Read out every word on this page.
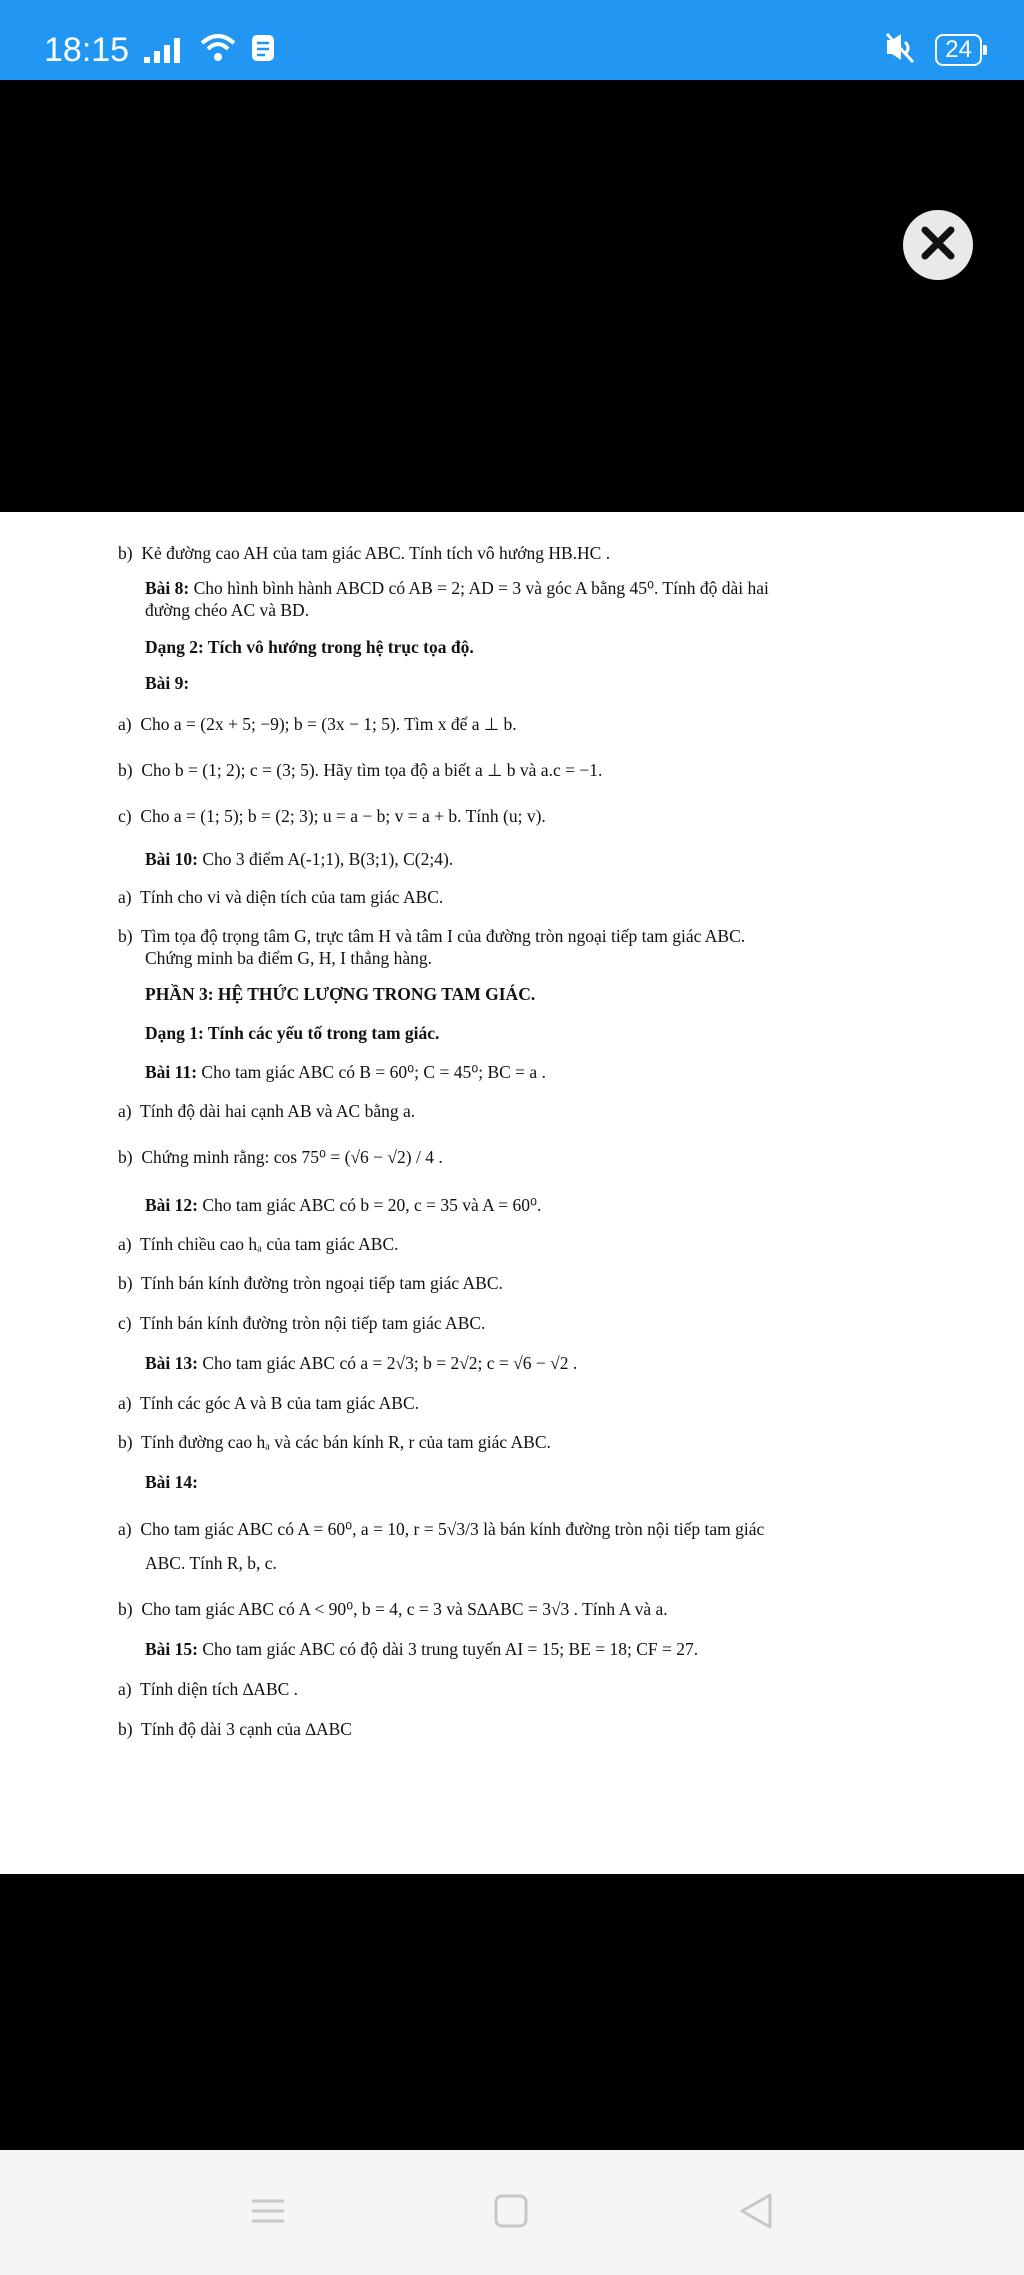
18:15	24
b) Kẻ đường cao AH của tam giác ABC. Tính tích vô hướng HB.HC .
Bài 8: Cho hình bình hành ABCD có AB = 2; AD = 3 và góc A bằng 45⁰. Tính độ dài hai
đường chéo AC và BD.
Dạng 2: Tích vô hướng trong hệ trục tọa độ.
Bài 9:
a) Cho a = (2x + 5; −9); b = (3x − 1; 5). Tìm x để a ⊥ b.
b) Cho b = (1; 2); c = (3; 5). Hãy tìm tọa độ a biết a ⊥ b và a.c = −1.
c) Cho a = (1; 5); b = (2; 3); u = a − b; v = a + b. Tính (u; v).
Bài 10: Cho 3 điểm A(-1;1), B(3;1), C(2;4).
a) Tính cho vi và diện tích của tam giác ABC.
b) Tìm tọa độ trọng tâm G, trực tâm H và tâm I của đường tròn ngoại tiếp tam giác ABC.
Chứng minh ba điểm G, H, I thẳng hàng.
PHẦN 3: HỆ THỨC LƯỢNG TRONG TAM GIÁC.
Dạng 1: Tính các yếu tố trong tam giác.
Bài 11: Cho tam giác ABC có B = 60⁰; C = 45⁰; BC = a .
a) Tính độ dài hai cạnh AB và AC bằng a.
b) Chứng minh rằng: cos 75⁰ = (√6 − √2) / 4 .
Bài 12: Cho tam giác ABC có b = 20, c = 35 và A = 60⁰.
a) Tính chiều cao hₐ của tam giác ABC.
b) Tính bán kính đường tròn ngoại tiếp tam giác ABC.
c) Tính bán kính đường tròn nội tiếp tam giác ABC.
Bài 13: Cho tam giác ABC có a = 2√3; b = 2√2; c = √6 − √2 .
a) Tính các góc A và B của tam giác ABC.
b) Tính đường cao hₐ và các bán kính R, r của tam giác ABC.
Bài 14:
a) Cho tam giác ABC có A = 60⁰, a = 10, r = 5√3/3 là bán kính đường tròn nội tiếp tam giác
ABC. Tính R, b, c.
b) Cho tam giác ABC có A < 90⁰, b = 4, c = 3 và S∆ABC = 3√3 . Tính A và a.
Bài 15: Cho tam giác ABC có độ dài 3 trung tuyến AI = 15; BE = 18; CF = 27.
a) Tính diện tích ∆ABC .
b) Tính độ dài 3 cạnh của ∆ABC
